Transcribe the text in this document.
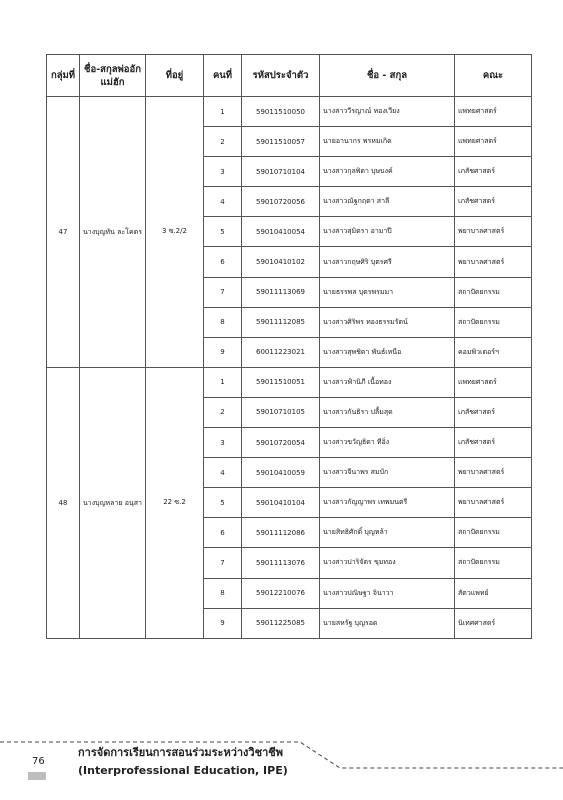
กลุ่มที่	ชื่อ-สกุลพ่ออักแม่ฮัก	ที่อยู่	คนที่	รหัสประจำตัว	ชื่อ - สกุล	คณะ
47	นางบุญทัน ละโคตร	3 ซ.2/2	1	59011510050	นางสาววีรญาณ์ ทองเวียง	แพทยศาสตร์
			2	59011510057	นายอานากร พรหมเกิด	แพทยศาสตร์
			3	59010710104	นางสาวกุลพิตา บุษบงค์	เภสัชศาสตร์
			4	59010720056	นางสาวณัฐกฤตา สาลี	เภสัชศาสตร์
			5	59010410054	นางสาวสุมิตรา อามาปี	พยาบาลศาสตร์
			6	59010410102	นางสาวกฤษศิริ บุตรศรี	พยาบาลศาสตร์
			7	59011113069	นายธรรพล บุตรพรมมา	สถาปัตยกรรม
			8	59011112085	นางสาวศิริพร ทองธรรมรัตน์	สถาปัตยกรรม
			9	60011223021	นางสาวสุพชิดา พันธ์เหนือ	คอมพิวเตอร์ฯ
48	นางบุญหลาย อนุสา	22 ซ.2	1	59011510051	นางสาวฟ้านิภี เนื้อทอง	แพทยศาสตร์
			2	59010710105	นางสาวกันธิรา ปลื้มสุด	เภสัชศาสตร์
			3	59010720054	นางสาวขวัญธิดา ทีอิ่ง	เภสัชศาสตร์
			4	59010410059	นางสาวจีนาพร สมบัก	พยาบาลศาสตร์
			5	59010410104	นางสาวกัญญาพร เทพมนตรี	พยาบาลศาสตร์
			6	59011112086	นายสิทธิศักดิ์ บุญหล้า	สถาปัตยกรรม
			7	59011113076	นางสาวปาริจัตร ขุมทอง	สถาปัตยกรรม
			8	59012210076	นางสาวปณิษฐา จินาวา	สัตวแพทย์
			9	59011225085	นายสหรัฐ บุญรอด	นิเทศศาสตร์
76
การจัดการเรียนการสอนร่วมระหว่างวิชาชีพ
(Interprofessional Education, IPE)
